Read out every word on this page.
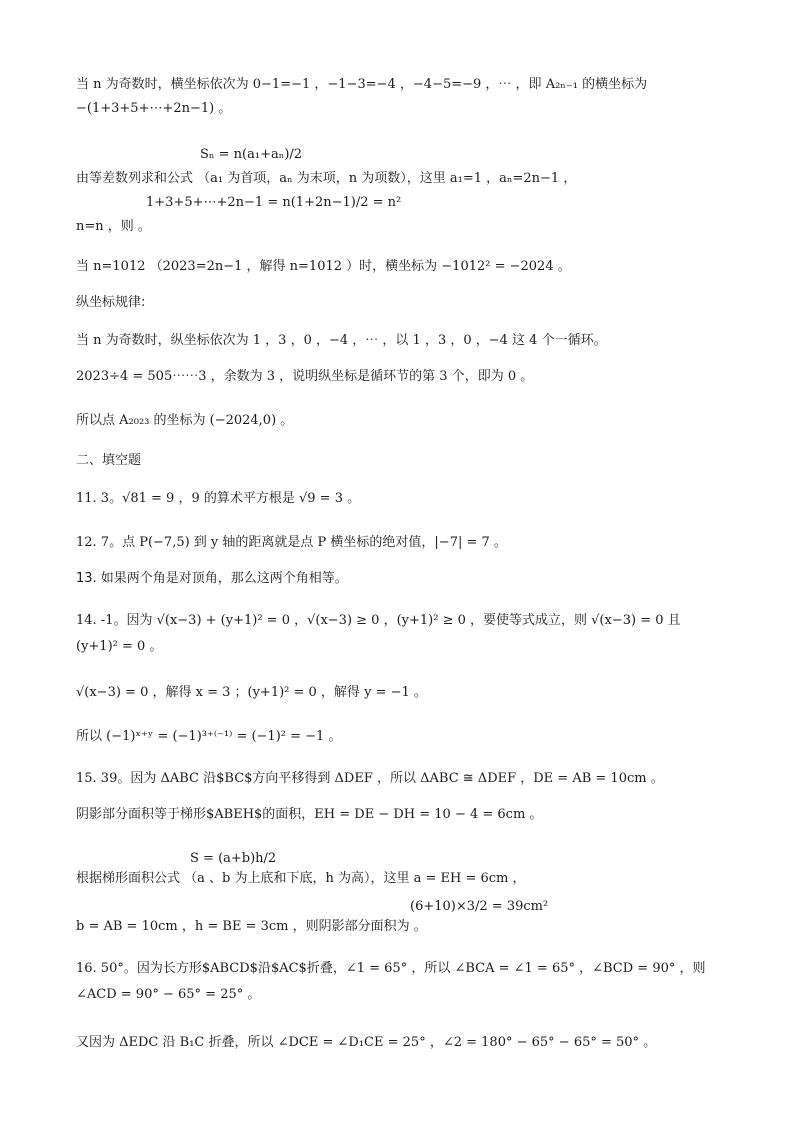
当 n 为奇数时，横坐标依次为 0−1=−1 ，−1−3=−4 ，−4−5=−9 ，⋯ ，即 A₂ₙ₋₁ 的横坐标为
−(1+3+5+⋯+2n−1) 。
Sₙ = n(a₁+aₙ)/2
由等差数列求和公式 （a₁ 为首项，aₙ 为末项，n 为项数），这里 a₁=1 ，aₙ=2n−1 ，
1+3+5+⋯+2n−1 = n(1+2n−1)/2 = n²
n=n ，则 。
当 n=1012 （2023=2n−1 ，解得 n=1012 ）时，横坐标为 −1012² = −2024 。
纵坐标规律:
当 n 为奇数时，纵坐标依次为 1 ，3 ，0 ，−4 ，⋯ ，以 1 ，3 ，0 ，−4 这 4 个一循环。
2023÷4 = 505⋯⋯3 ，余数为 3 ，说明纵坐标是循环节的第 3 个，即为 0 。
所以点 A₂₀₂₃ 的坐标为 (−2024,0) 。
二、填空题
11. 3。√81 = 9 ，9 的算术平方根是 √9 = 3 。
12. 7。点 P(−7,5) 到 y 轴的距离就是点 P 横坐标的绝对值，|−7| = 7 。
13. 如果两个角是对顶角，那么这两个角相等。
14. -1。因为 √(x−3) + (y+1)² = 0 ，√(x−3) ≥ 0 ，(y+1)² ≥ 0 ，要使等式成立，则 √(x−3) = 0 且
(y+1)² = 0 。
√(x−3) = 0 ，解得 x = 3 ；(y+1)² = 0 ，解得 y = −1 。
所以 (−1)ˣ⁺ʸ = (−1)³⁺⁽⁻¹⁾ = (−1)² = −1 。
15. 39。因为 ΔABC 沿$BC$方向平移得到 ΔDEF ，所以 ΔABC ≅ ΔDEF ，DE = AB = 10cm 。
阴影部分面积等于梯形$ABEH$的面积，EH = DE − DH = 10 − 4 = 6cm 。
S = (a+b)h/2
根据梯形面积公式 （a 、b 为上底和下底，h 为高），这里 a = EH = 6cm ，
(6+10)×3/2 = 39cm²
b = AB = 10cm ，h = BE = 3cm ，则阴影部分面积为 。
16. 50°。因为长方形$ABCD$沿$AC$折叠，∠1 = 65° ，所以 ∠BCA = ∠1 = 65° ，∠BCD = 90° ，则
∠ACD = 90° − 65° = 25° 。
又因为 ΔEDC 沿 B₁C 折叠，所以 ∠DCE = ∠D₁CE = 25° ，∠2 = 180° − 65° − 65° = 50° 。
